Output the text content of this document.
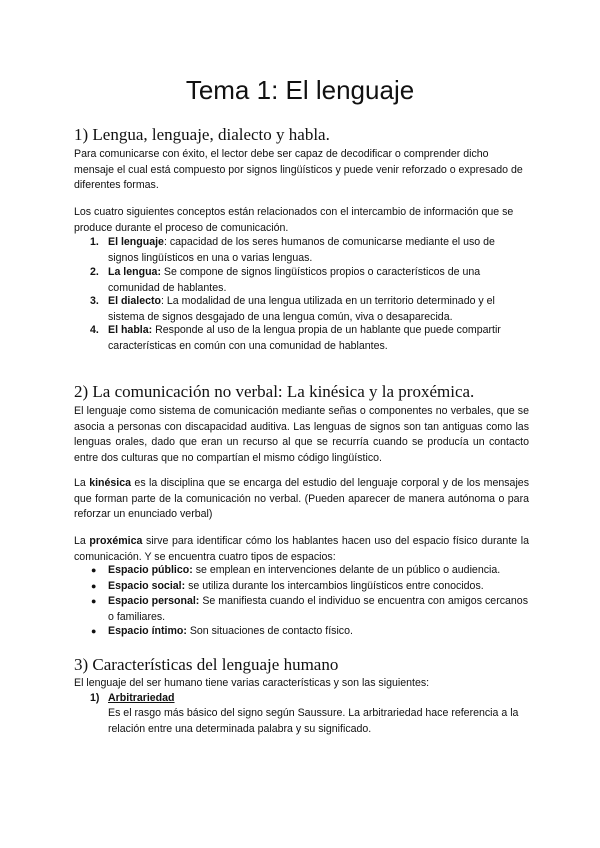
Tema 1: El lenguaje
1) Lengua, lenguaje, dialecto y habla.
Para comunicarse con éxito, el lector debe ser capaz de decodificar o comprender dicho mensaje el cual está compuesto por signos lingüísticos y puede venir reforzado o expresado de diferentes formas.
Los cuatro siguientes conceptos están relacionados con el intercambio de información que se produce durante el proceso de comunicación.
1. El lenguaje: capacidad de los seres humanos de comunicarse mediante el uso de signos lingüísticos en una o varias lenguas.
2. La lengua: Se compone de signos lingüísticos propios o característicos de una comunidad de hablantes.
3. El dialecto: La modalidad de una lengua utilizada en un territorio determinado y el sistema de signos desgajado de una lengua común, viva o desaparecida.
4. El habla: Responde al uso de la lengua propia de un hablante que puede compartir características en común con una comunidad de hablantes.
2) La comunicación no verbal: La kinésica y la proxémica.
El lenguaje como sistema de comunicación mediante señas o componentes no verbales, que se asocia a personas con discapacidad auditiva. Las lenguas de signos son tan antiguas como las lenguas orales, dado que eran un recurso al que se recurría cuando se producía un contacto entre dos culturas que no compartían el mismo código lingüístico.
La kinésica es la disciplina que se encarga del estudio del lenguaje corporal y de los mensajes que forman parte de la comunicación no verbal. (Pueden aparecer de manera autónoma o para reforzar un enunciado verbal)
La proxémica sirve para identificar cómo los hablantes hacen uso del espacio físico durante la comunicación. Y se encuentra cuatro tipos de espacios:
● Espacio público: se emplean en intervenciones delante de un público o audiencia.
● Espacio social: se utiliza durante los intercambios lingüísticos entre conocidos.
● Espacio personal: Se manifiesta cuando el individuo se encuentra con amigos cercanos o familiares.
● Espacio íntimo: Son situaciones de contacto físico.
3) Características del lenguaje humano
El lenguaje del ser humano tiene varias características y son las siguientes:
1) Arbitrariedad
Es el rasgo más básico del signo según Saussure. La arbitrariedad hace referencia a la relación entre una determinada palabra y su significado.
